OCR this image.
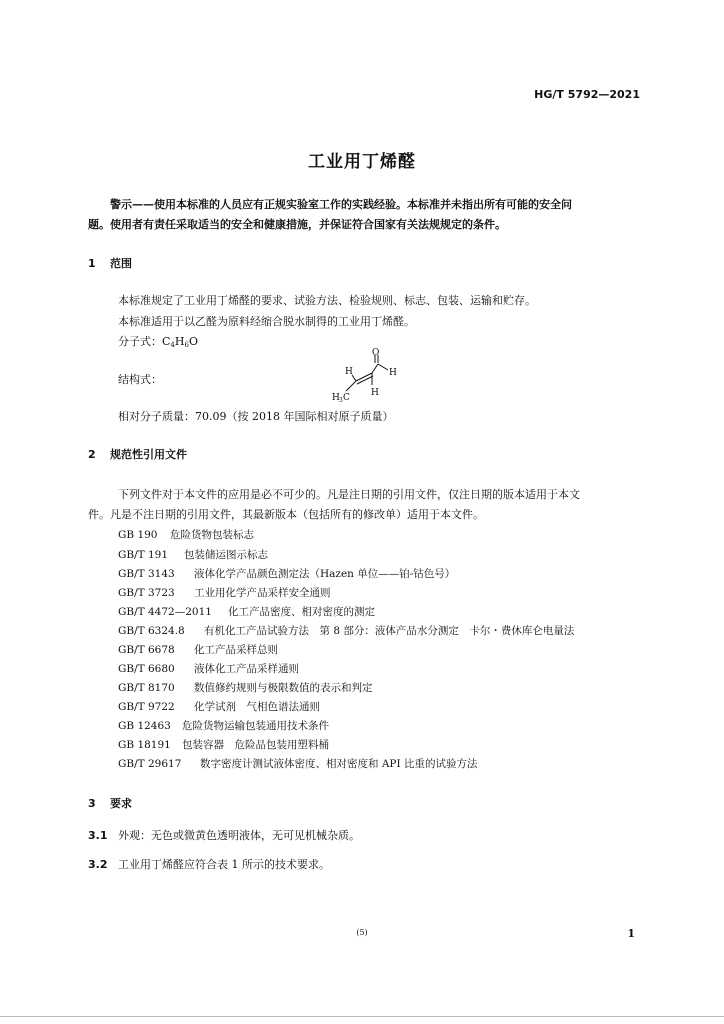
HG/T 5792—2021
工业用丁烯醛
警示——使用本标准的人员应有正规实验室工作的实践经验。本标准并未指出所有可能的安全问
题。使用者有责任采取适当的安全和健康措施，并保证符合国家有关法规规定的条件。
1 范围
本标准规定了工业用丁烯醛的要求、试验方法、检验规则、标志、包装、运输和贮存。
本标准适用于以乙醛为原料经缩合脱水制得的工业用丁烯醛。
分子式：$C_4H_6O$
结构式：
O
H
H
H
H 3 C
相对分子质量：70.09（按 2018 年国际相对原子质量）
2 规范性引用文件
下列文件对于本文件的应用是必不可少的。凡是注日期的引用文件，仅注日期的版本适用于本文
件。凡是不注日期的引用文件，其最新版本（包括所有的修改单）适用于本文件。
GB 190 危险货物包装标志
GB/T 191 包装储运图示标志
GB/T 3143 液体化学产品颜色测定法（Hazen 单位——铂-钴色号）
GB/T 3723 工业用化学产品采样安全通则
GB/T 4472—2011 化工产品密度、相对密度的测定
GB/T 6324.8 有机化工产品试验方法　第 8 部分：液体产品水分测定　卡尔・费休库仑电量法
GB/T 6678 化工产品采样总则
GB/T 6680 液体化工产品采样通则
GB/T 8170 数值修约规则与极限数值的表示和判定
GB/T 9722 化学试剂　气相色谱法通则
GB 12463 危险货物运输包装通用技术条件
GB 18191 包装容器　危险品包装用塑料桶
GB/T 29617 数字密度计测试液体密度、相对密度和 API 比重的试验方法
3 要求
3.1 外观：无色或微黄色透明液体，无可见机械杂质。
3.2 工业用丁烯醛应符合表 1 所示的技术要求。
(5)	1
